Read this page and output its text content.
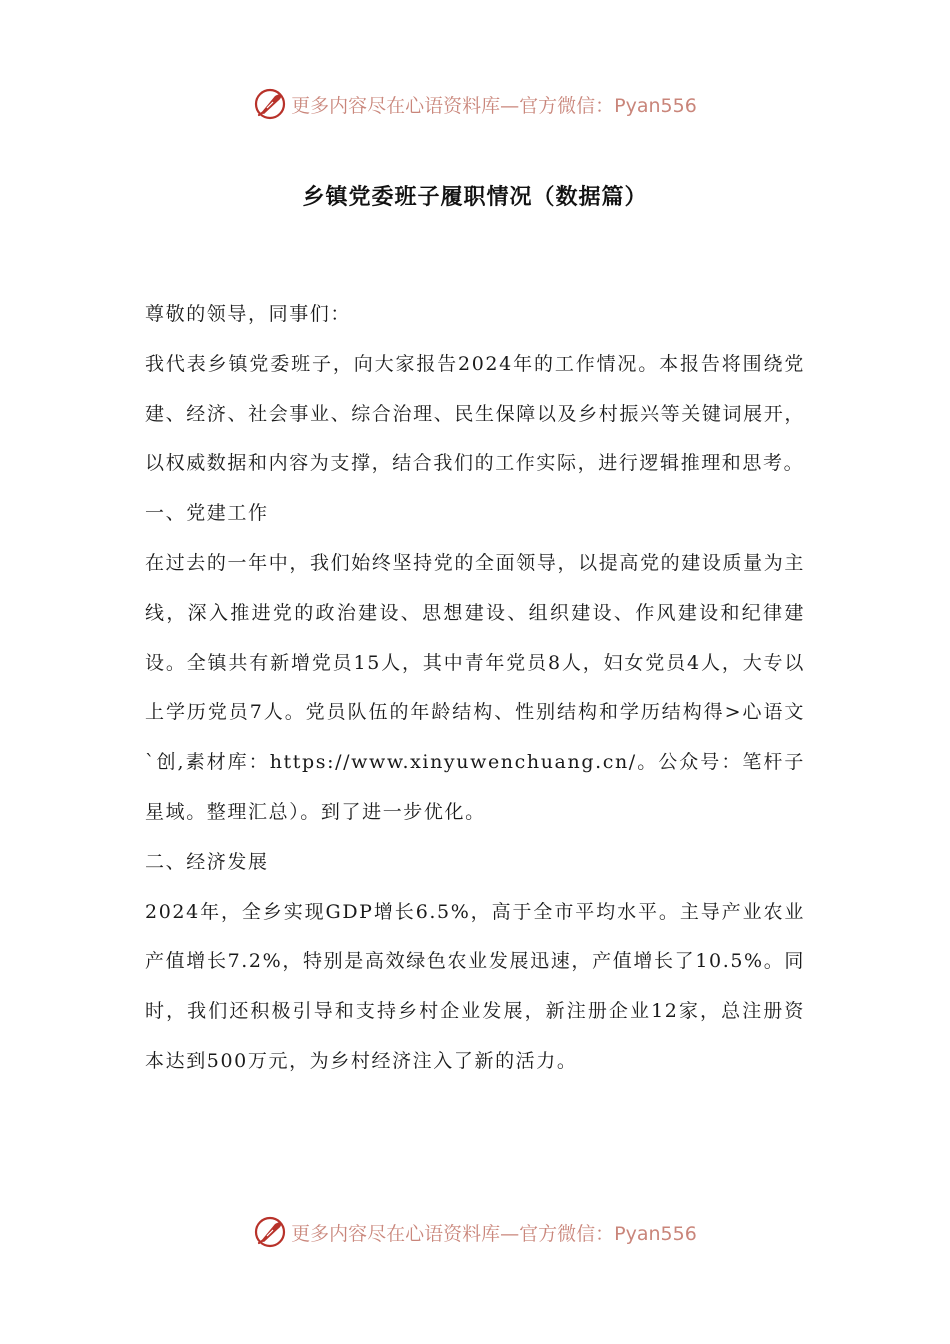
更多内容尽在心语资料库—官方微信：Pyan556
乡镇党委班子履职情况（数据篇）

尊敬的领导，同事们：

我代表乡镇党委班子，向大家报告2024年的工作情况。本报告将围绕党建、经济、社会事业、综合治理、民生保障以及乡村振兴等关键词展开，以权威数据和内容为支撑，结合我们的工作实际，进行逻辑推理和思考。

一、党建工作

在过去的一年中，我们始终坚持党的全面领导，以提高党的建设质量为主线，深入推进党的政治建设、思想建设、组织建设、作风建设和纪律建设。全镇共有新增党员15人，其中青年党员8人，妇女党员4人，大专以上学历党员7人。党员队伍的年龄结构、性别结构和学历结构得>心语文`创,素材库：https://www.xinyuwenchuang.cn/。公众号：笔杆子星域。整理汇总）。到了进一步优化。

二、经济发展

2024年，全乡实现GDP增长6.5%，高于全市平均水平。主导产业农业产值增长7.2%，特别是高效绿色农业发展迅速，产值增长了10.5%。同时，我们还积极引导和支持乡村企业发展，新注册企业12家，总注册资本达到500万元，为乡村经济注入了新的活力。

更多内容尽在心语资料库—官方微信：Pyan556
